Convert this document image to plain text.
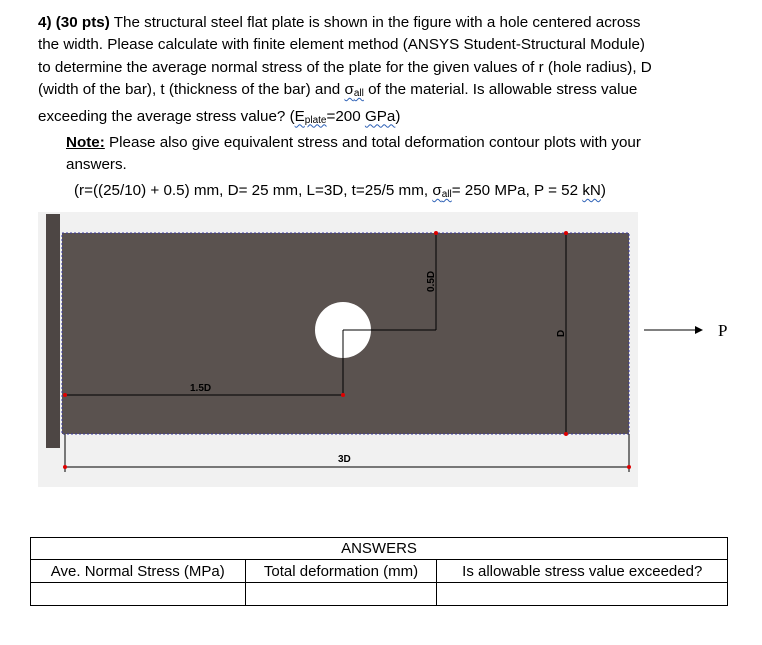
4) (30 pts) The structural steel flat plate is shown in the figure with a hole centered across

the width. Please calculate with finite element method (ANSYS Student-Structural Module)

to determine the average normal stress of the plate for the given values of r (hole radius), D

(width of the bar), t (thickness of the bar) and $\sigma_{all}$ of the material. Is allowable stress value

exceeding the average stress value? ($E_{plate}=200$ GPa)

Note: Please also give equivalent stress and total deformation contour plots with your

answers.

(r=((25/10) + 0.5) mm, D= 25 mm, L=3D, t=25/5 mm, $\sigma_{all}= 250$ MPa, P = 52 kN)

1.5D
0.5D
D
3D
P
ANSWERS		
Ave. Normal Stress (MPa)	Total deformation (mm)	Is allowable stress value exceeded?
